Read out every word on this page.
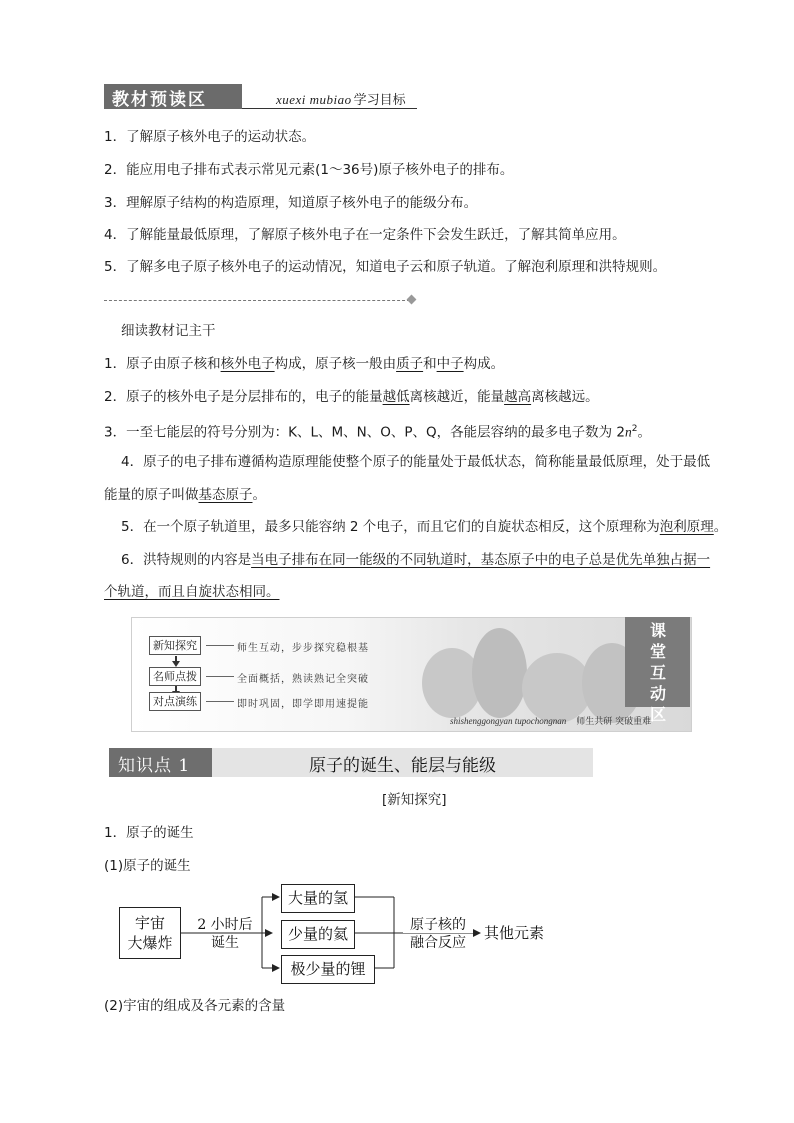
教材预读区	xuexi mubiao 学习目标
1．了解原子核外电子的运动状态。
2．能应用电子排布式表示常见元素(1～36号)原子核外电子的排布。
3．理解原子结构的构造原理，知道原子核外电子的能级分布。
4．了解能量最低原理，了解原子核外电子在一定条件下会发生跃迁，了解其简单应用。
5．了解多电子原子核外电子的运动情况，知道电子云和原子轨道。了解泡利原理和洪特规则。
细读教材记主干
1．原子由原子核和核外电子构成，原子核一般由质子和中子构成。
2．原子的核外电子是分层排布的，电子的能量越低离核越近，能量越高离核越远。
3．一至七能层的符号分别为：K、L、M、N、O、P、Q，各能层容纳的最多电子数为 $2n^2$。
4．原子的电子排布遵循构造原理能使整个原子的能量处于最低状态，简称能量最低原理，处于最低
能量的原子叫做基态原子。
5．在一个原子轨道里，最多只能容纳 2 个电子，而且它们的自旋状态相反，这个原理称为泡利原理。
6．洪特规则的内容是当电子排布在同一能级的不同轨道时，基态原子中的电子总是优先单独占据一
个轨道，而且自旋状态相同。
新知探究	师生互动，步步探究稳根基
名师点拨	全面概括，熟读熟记全突破
对点演练	即时巩固，即学即用速提能
课堂互动区
shishenggongyan tupochongnan 师生共研 突破重难
知识点 1	原子的诞生、能层与能级
[新知探究]
1．原子的诞生
(1)原子的诞生
宇宙
大爆炸
2 小时后
诞生
大量的氢
少量的氦
极少量的锂
原子核的
融合反应
其他元素
(2)宇宙的组成及各元素的含量
